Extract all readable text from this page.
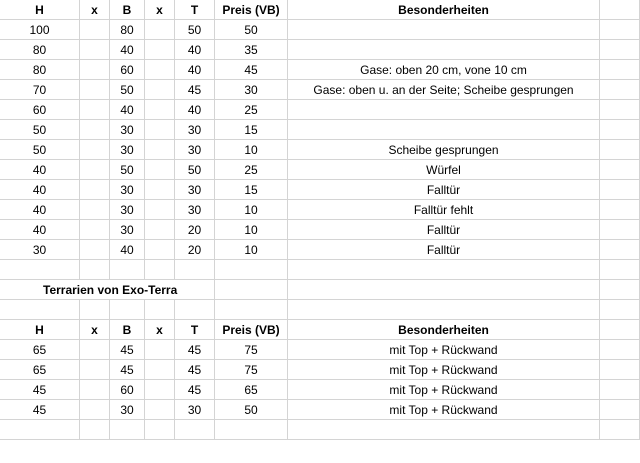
H	x	B	x	T	Preis (VB)	Besonderheiten
100	80	50	50
80	40	40	35
80	60	40	45	Gase: oben 20 cm, vone 10 cm
70	50	45	30	Gase: oben u. an der Seite; Scheibe gesprungen
60	40	40	25
50	30	30	15
50	30	30	10	Scheibe gesprungen
40	50	50	25	Würfel
40	30	30	15	Falltür
40	30	30	10	Falltür fehlt
40	30	20	10	Falltür
30	40	20	10	Falltür
Terrarien von Exo-Terra
H	x	B	x	T	Preis (VB)	Besonderheiten
65	45	45	75	mit Top + Rückwand
65	45	45	75	mit Top + Rückwand
45	60	45	65	mit Top + Rückwand
45	30	30	50	mit Top + Rückwand
